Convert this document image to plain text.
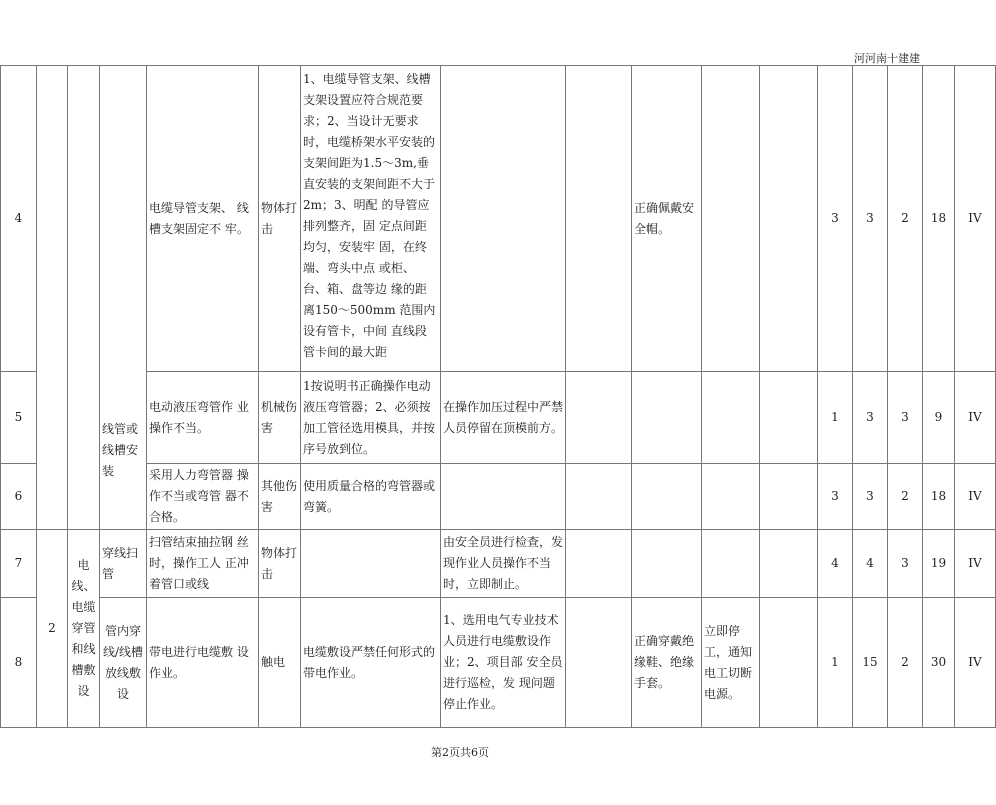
河河南十建建
4				电缆导管支架、 线槽支架固定不 牢。	物体打击	1、电缆导管支架、线槽支架设置应符合规范要求；2、当设计无要求时，电缆桥架水平安装的支架间距为1.5～3m,垂直安装的支架间距不大于2m；3、明配 的导管应排列整齐，固 定点间距均匀，安装牢 固，在终端、弯头中点 或柜、台、箱、盘等边 缘的距离150～500mm 范围内设有管卡，中间 直线段管卡间的最大距			正确佩戴安全帽。			3	3	2	18	IV
5			线管或线槽安装	电动液压弯管作 业操作不当。	机械伤害	1按说明书正确操作电动液压弯管器；2、必须按加工管径选用模具，并按序号放到位。	在操作加压过程中严禁人员停留在顶模前方。					1	3	3	9	IV
6				采用人力弯管器 操作不当或弯管 器不合格。	其他伤害	使用质量合格的弯管器或弯簧。						3	3	2	18	IV
7	2	电线、电缆穿管和线槽敷设	穿线扫管	扫管结束抽拉钢 丝时，操作工人 正冲着管口或线	物体打击		由安全员进行检查，发现作业人员操作不当时，立即制止。					4	4	3	19	IV
8			管内穿线/线槽放线敷设	带电进行电缆敷 设作业。	触电	电缆敷设严禁任何形式的带电作业。	1、选用电气专业技术人员进行电缆敷设作业；2、项目部 安全员进行巡检，发 现问题停止作业。		正确穿戴绝缘鞋、绝缘手套。	立即停工，通知电工切断电源。		1	15	2	30	IV
第2页共6页
